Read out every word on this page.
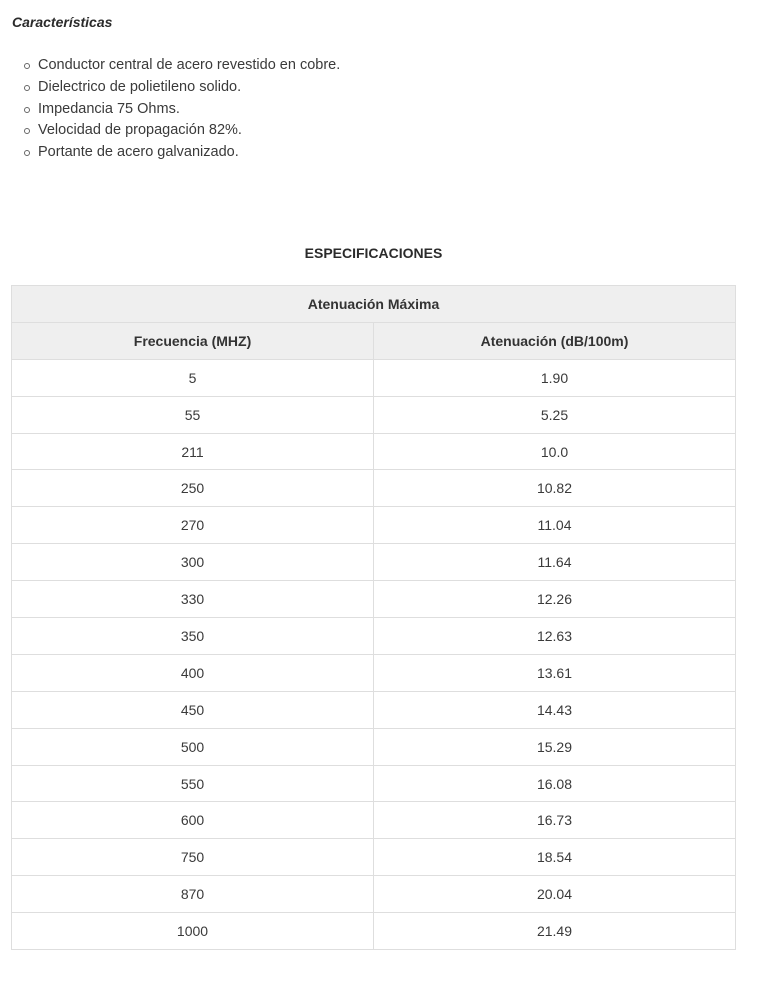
Características
Conductor central de acero revestido en cobre.
Dielectrico de polietileno solido.
Impedancia 75 Ohms.
Velocidad de propagación 82%.
Portante de acero galvanizado.
ESPECIFICACIONES
Atenuación Máxima	
Frecuencia (MHZ)	Atenuación (dB/100m)
5	1.90
55	5.25
211	10.0
250	10.82
270	11.04
300	11.64
330	12.26
350	12.63
400	13.61
450	14.43
500	15.29
550	16.08
600	16.73
750	18.54
870	20.04
1000	21.49
